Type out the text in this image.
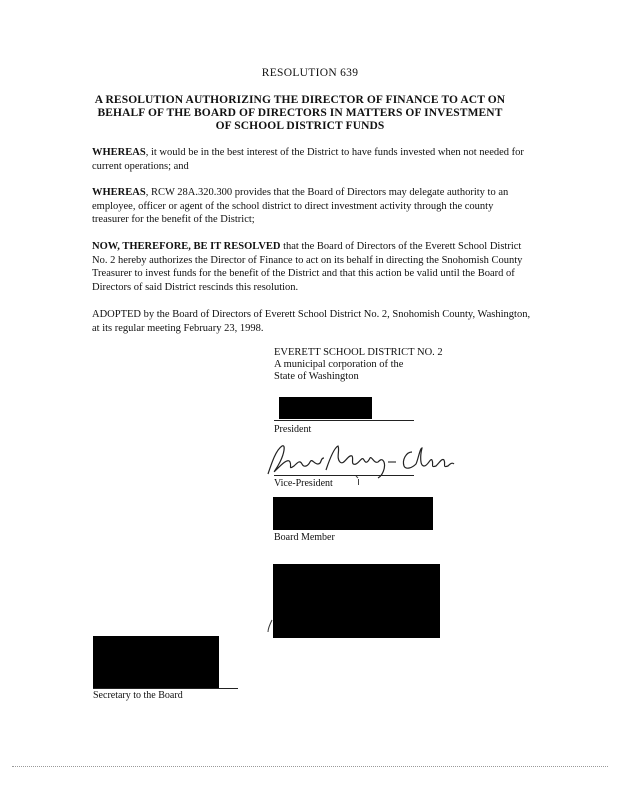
RESOLUTION 639
A RESOLUTION AUTHORIZING THE DIRECTOR OF FINANCE TO ACT ON
BEHALF OF THE BOARD OF DIRECTORS IN MATTERS OF INVESTMENT
OF SCHOOL DISTRICT FUNDS
WHEREAS, it would be in the best interest of the District to have funds invested when not needed for current operations; and
WHEREAS, RCW 28A.320.300 provides that the Board of Directors may delegate authority to an employee, officer or agent of the school district to direct investment activity through the county treasurer for the benefit of the District;
NOW, THEREFORE, BE IT RESOLVED that the Board of Directors of the Everett School District No. 2 hereby authorizes the Director of Finance to act on its behalf in directing the Snohomish County Treasurer to invest funds for the benefit of the District and that this action be valid until the Board of Directors of said District rescinds this resolution.
ADOPTED by the Board of Directors of Everett School District No. 2, Snohomish County, Washington, at its regular meeting February 23, 1998.
EVERETT SCHOOL DISTRICT NO. 2
A municipal corporation of the
State of Washington
President
Vice-President
Board Member
Secretary to the Board
